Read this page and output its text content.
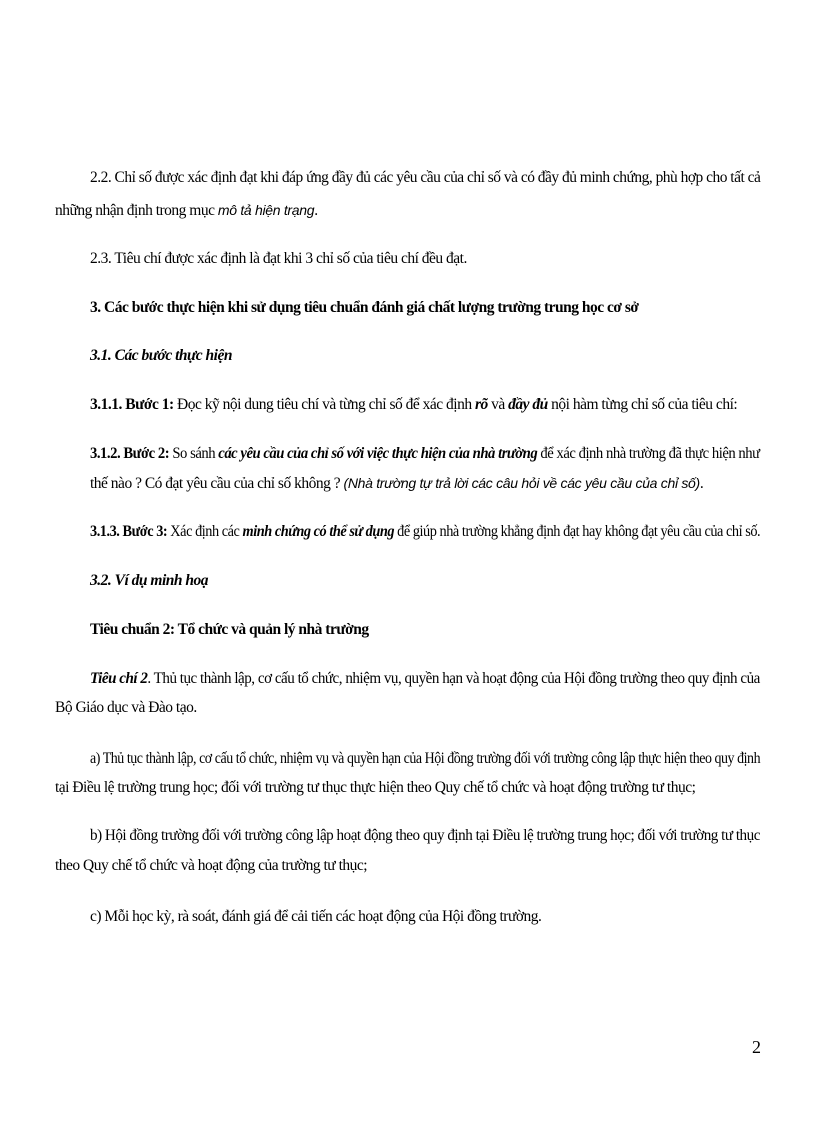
2.2. Chỉ số được xác định đạt khi đáp ứng đầy đủ các yêu cầu của chỉ số và có đầy đủ minh chứng, phù hợp cho tất cả
những nhận định trong mục mô tả hiện trạng.
2.3. Tiêu chí được xác định là đạt khi 3 chỉ số của tiêu chí đều đạt.
3. Các bước thực hiện khi sử dụng tiêu chuẩn đánh giá chất lượng trường trung học cơ sở
3.1. Các bước thực hiện
3.1.1. Bước 1: Đọc kỹ nội dung tiêu chí và từng chỉ số để xác định rõ và đầy đủ nội hàm từng chỉ số của tiêu chí:
3.1.2. Bước 2: So sánh các yêu cầu của chỉ số với việc thực hiện của nhà trường để xác định nhà trường đã thực hiện như
thế nào ? Có đạt yêu cầu của chỉ số không ? (Nhà trường tự trả lời các câu hỏi về các yêu cầu của chỉ số).
3.1.3. Bước 3: Xác định các minh chứng có thể sử dụng để giúp nhà trường khẳng định đạt hay không đạt yêu cầu của chỉ số.
3.2. Ví dụ minh hoạ
Tiêu chuẩn 2: Tổ chức và quản lý nhà trường
Tiêu chí 2. Thủ tục thành lập, cơ cấu tổ chức, nhiệm vụ, quyền hạn và hoạt động của Hội đồng trường theo quy định của
Bộ Giáo dục và Đào tạo.
a) Thủ tục thành lập, cơ cấu tổ chức, nhiệm vụ và quyền hạn của Hội đồng trường đối với trường công lập thực hiện theo quy định
tại Điều lệ trường trung học; đối với trường tư thục thực hiện theo Quy chế tổ chức và hoạt động trường tư thục;
b) Hội đồng trường đối với trường công lập hoạt động theo quy định tại Điều lệ trường trung học; đối với trường tư thục
theo Quy chế tổ chức và hoạt động của trường tư thục;
c) Mỗi học kỳ, rà soát, đánh giá để cải tiến các hoạt động của Hội đồng trường.
2
